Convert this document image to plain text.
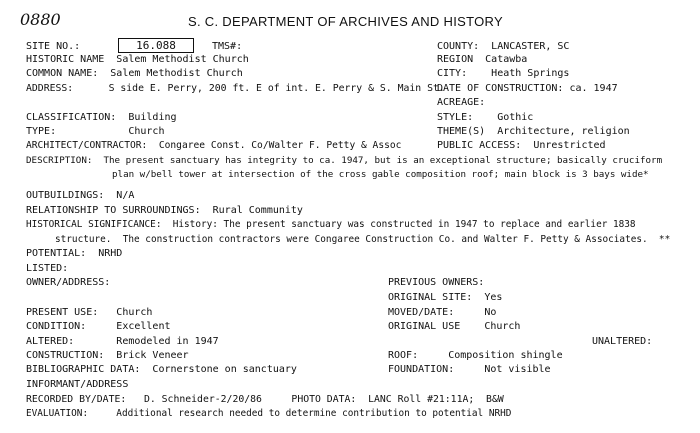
0880	S. C. DEPARTMENT OF ARCHIVES AND HISTORY
SITE NO.:	16.088	TMS#:	COUNTY:  LANCASTER, SC
HISTORIC NAME  Salem Methodist Church	REGION  Catawba
COMMON NAME:  Salem Methodist Church	CITY:    Heath Springs
ADDRESS:      S side E. Perry, 200 ft. E of int. E. Perry & S. Main St.
DATE OF CONSTRUCTION: ca. 1947
ACREAGE:
CLASSIFICATION:  Building	STYLE:    Gothic
TYPE:            Church	THEME(S)  Architecture, religion
ARCHITECT/CONTRACTOR:  Congaree Const. Co/Walter F. Petty & Assoc	PUBLIC ACCESS:  Unrestricted
DESCRIPTION:  The present sanctuary has integrity to ca. 1947, but is an exceptional structure; basically cruciform
plan w/bell tower at intersection of the cross gable composition roof; main block is 3 bays wide*
OUTBUILDINGS:  N/A
RELATIONSHIP TO SURROUNDINGS:  Rural Community
HISTORICAL SIGNIFICANCE:  History: The present sanctuary was constructed in 1947 to replace and earlier 1838
structure.  The construction contractors were Congaree Construction Co. and Walter F. Petty & Associates.  **
POTENTIAL:  NRHD
LISTED:
OWNER/ADDRESS:	PREVIOUS OWNERS:
ORIGINAL SITE:  Yes
PRESENT USE:   Church	MOVED/DATE:     No
CONDITION:     Excellent	ORIGINAL USE    Church
ALTERED:       Remodeled in 1947	UNALTERED:
CONSTRUCTION:  Brick Veneer	ROOF:     Composition shingle
BIBLIOGRAPHIC DATA:  Cornerstone on sanctuary	FOUNDATION:     Not visible
INFORMANT/ADDRESS
RECORDED BY/DATE:   D. Schneider-2/20/86     PHOTO DATA:  LANC Roll #21:11A;  B&W
EVALUATION:     Additional research needed to determine contribution to potential NRHD
